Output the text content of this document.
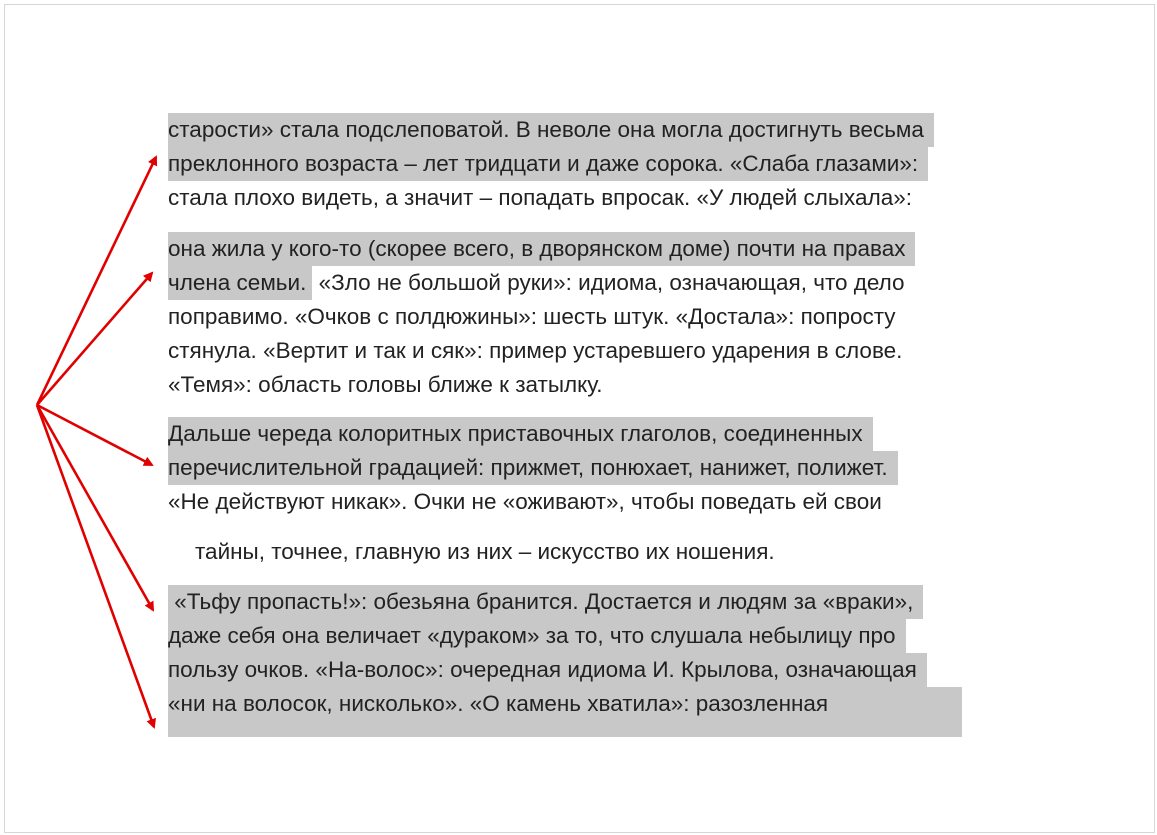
старости» стала подслеповатой. В неволе она могла достигнуть весьма
преклонного возраста – лет тридцати и даже сорока. «Слаба глазами»:
стала плохо видеть, а значит – попадать впросак. «У людей слыхала»:
она жила у кого-то (скорее всего, в дворянском доме) почти на правах
члена семьи. «Зло не большой руки»: идиома, означающая, что дело
поправимо. «Очков с полдюжины»: шесть штук. «Достала»: попросту
стянула. «Вертит и так и сяк»: пример устаревшего ударения в слове.
«Темя»: область головы ближе к затылку.
Дальше череда колоритных приставочных глаголов, соединенных
перечислительной градацией: прижмет, понюхает, нанижет, полижет.
«Не действуют никак». Очки не «оживают», чтобы поведать ей свои
тайны, точнее, главную из них – искусство их ношения.
«Тьфу пропасть!»: обезьяна бранится. Достается и людям за «враки»,
даже себя она величает «дураком» за то, что слушала небылицу про
пользу очков. «На-волос»: очередная идиома И. Крылова, означающая
«ни на волосок, нисколько». «О камень хватила»: разозленная
